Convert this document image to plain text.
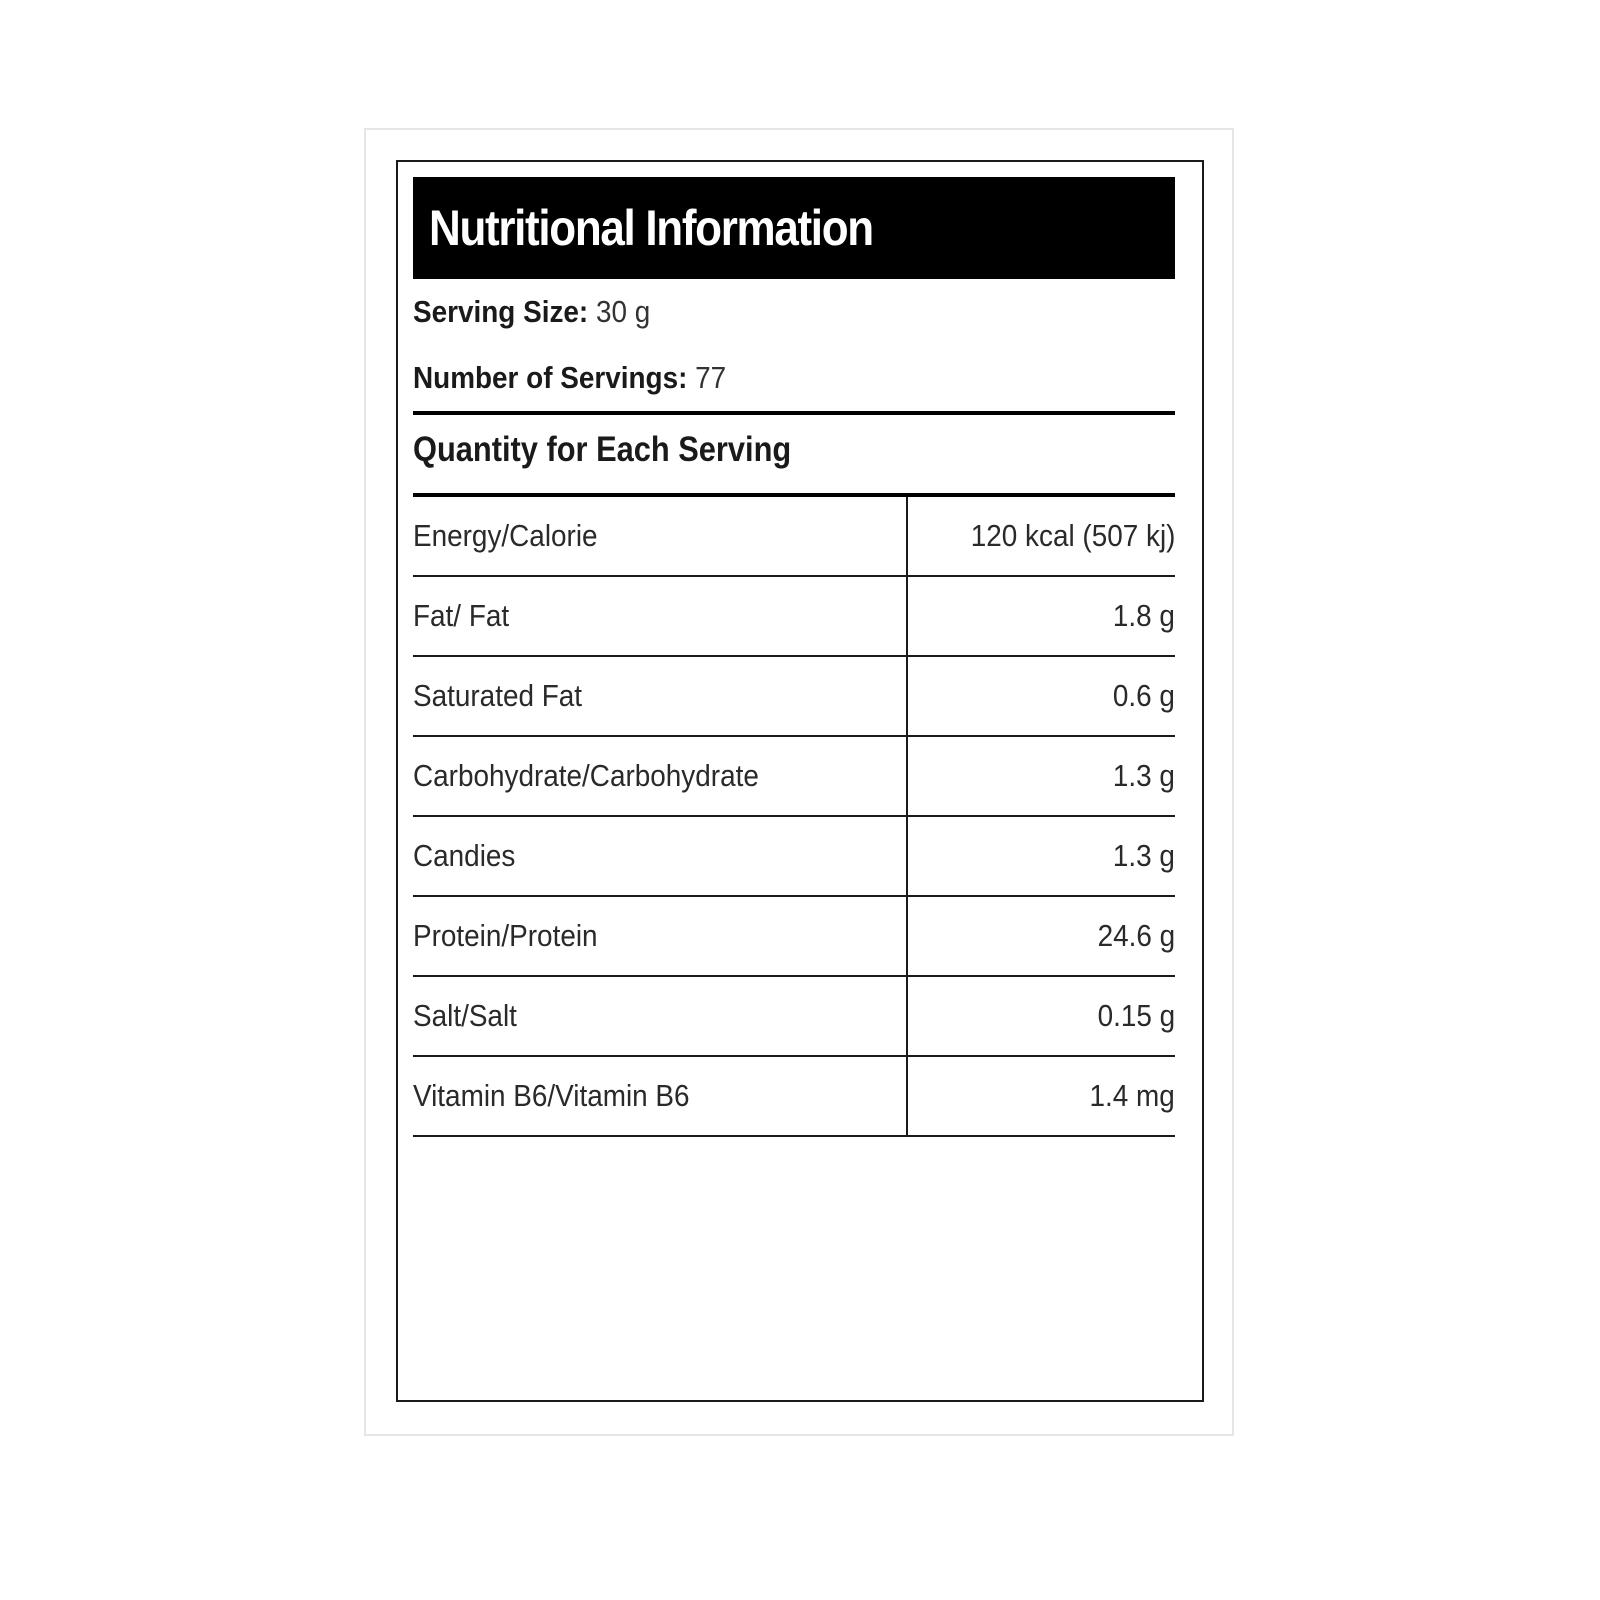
Nutritional Information
Serving Size: 30 g
Number of Servings: 77
Quantity for Each Serving
Energy/Calorie	120 kcal (507 kj)
Fat/ Fat	1.8 g
Saturated Fat	0.6 g
Carbohydrate/Carbohydrate	1.3 g
Candies	1.3 g
Protein/Protein	24.6 g
Salt/Salt	0.15 g
Vitamin B6/Vitamin B6	1.4 mg
